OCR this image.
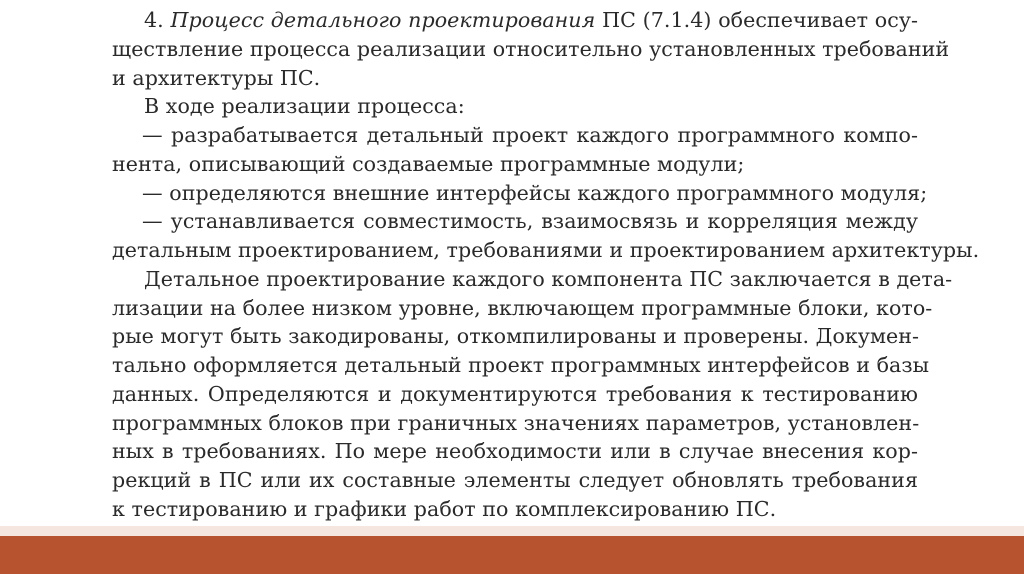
4. Процесс детального проектирования ПС (7.1.4) обеспечивает осу-
ществление процесса реализации относительно установленных требований
и архитектуры ПС.
В ходе реализации процесса:
— разрабатывается детальный проект каждого программного компо-
нента, описывающий создаваемые программные модули;
— определяются внешние интерфейсы каждого программного модуля;
— устанавливается совместимость, взаимосвязь и корреляция между
детальным проектированием, требованиями и проектированием архитектуры.
Детальное проектирование каждого компонента ПС заключается в дета-
лизации на более низком уровне, включающем программные блоки, кото-
рые могут быть закодированы, откомпилированы и проверены. Докумен-
тально оформляется детальный проект программных интерфейсов и базы
данных. Определяются и документируются требования к тестированию
программных блоков при граничных значениях параметров, установлен-
ных в требованиях. По мере необходимости или в случае внесения кор-
рекций в ПС или их составные элементы следует обновлять требования
к тестированию и графики работ по комплексированию ПС.
